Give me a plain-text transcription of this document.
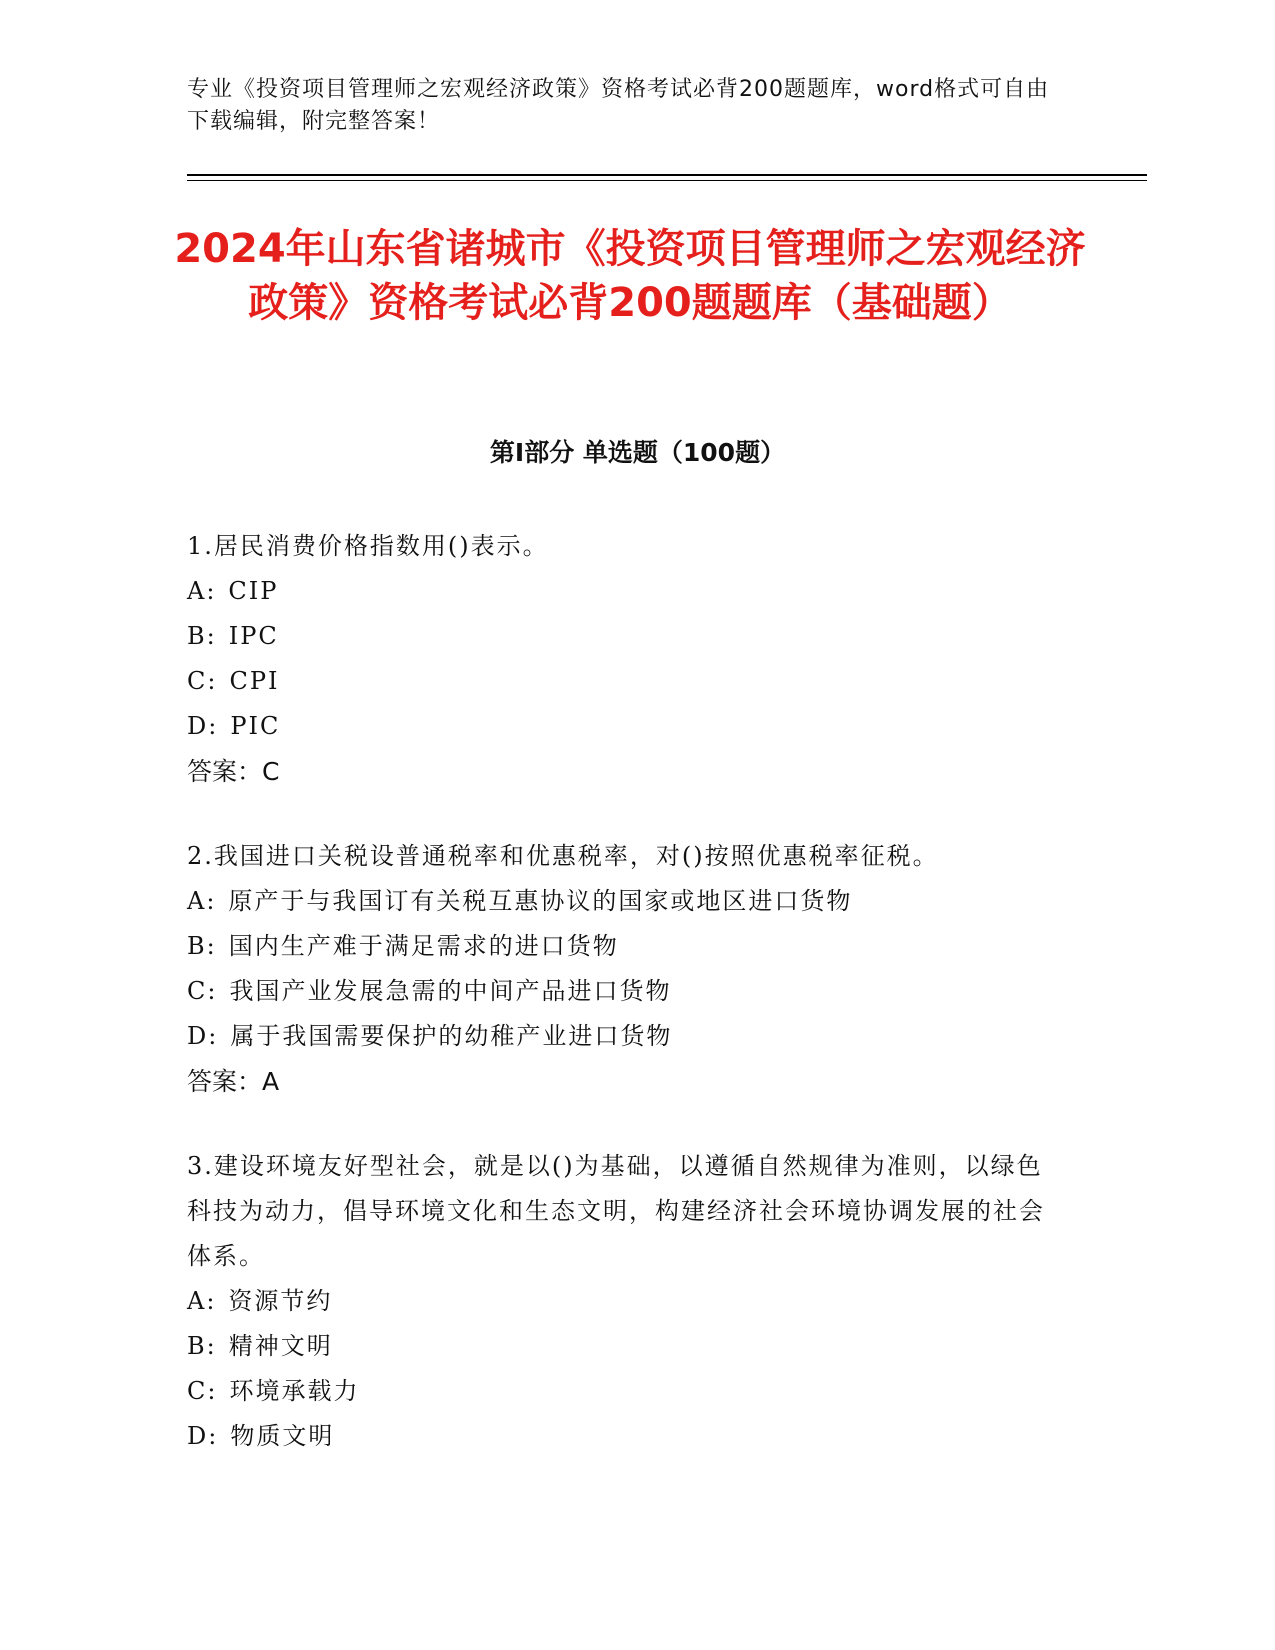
专业《投资项目管理师之宏观经济政策》资格考试必背200题题库，word格式可自由下载编辑，附完整答案！
2024年山东省诸城市《投资项目管理师之宏观经济政策》资格考试必背200题题库（基础题）
第I部分 单选题（100题）
1.居民消费价格指数用()表示。
A: CIP
B: IPC
C: CPI
D: PIC
答案：C
2.我国进口关税设普通税率和优惠税率，对()按照优惠税率征税。
A: 原产于与我国订有关税互惠协议的国家或地区进口货物
B: 国内生产难于满足需求的进口货物
C: 我国产业发展急需的中间产品进口货物
D: 属于我国需要保护的幼稚产业进口货物
答案：A
3.建设环境友好型社会，就是以()为基础，以遵循自然规律为准则，以绿色科技为动力，倡导环境文化和生态文明，构建经济社会环境协调发展的社会体系。
A: 资源节约
B: 精神文明
C: 环境承载力
D: 物质文明
